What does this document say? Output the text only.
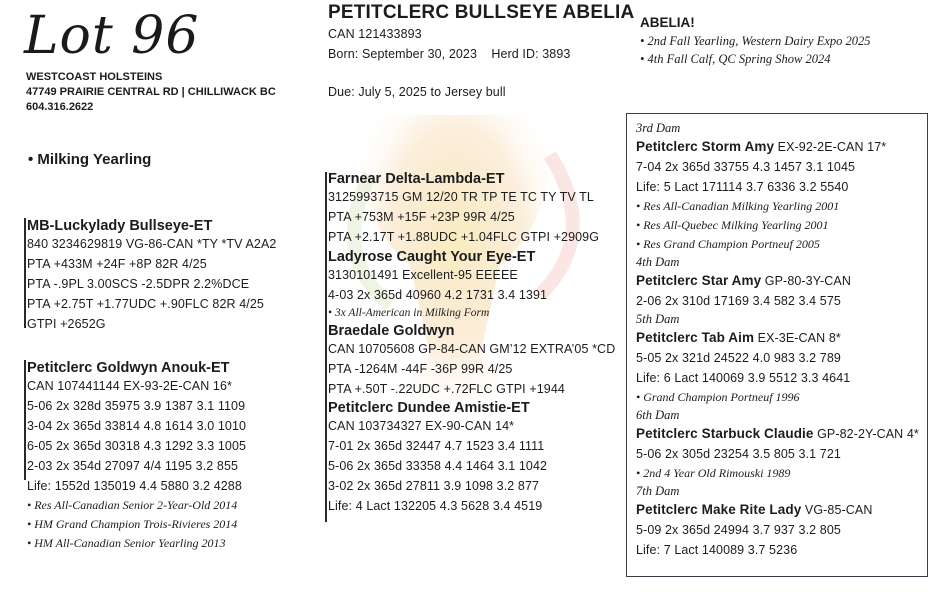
Lot 96
WESTCOAST HOLSTEINS
47749 PRAIRIE CENTRAL RD | CHILLIWACK BC
604.316.2622
• Milking Yearling
PETITCLERC BULLSEYE ABELIA
CAN 121433893
Born: September 30, 2023 Herd ID: 3893
Due: July 5, 2025 to Jersey bull
ABELIA!
• 2nd Fall Yearling, Western Dairy Expo 2025
• 4th Fall Calf, QC Spring Show 2024
MB-Luckylady Bullseye-ET
840 3234629819 VG-86-CAN *TY *TV A2A2
PTA +433M +24F +8P 82R 4/25
PTA -.9PL 3.00SCS -2.5DPR 2.2%DCE
PTA +2.75T +1.77UDC +.90FLC 82R 4/25
GTPI +2652G
Petitclerc Goldwyn Anouk-ET
CAN 107441144 EX-93-2E-CAN 16*
5-06 2x 328d 35975 3.9 1387 3.1 1109
3-04 2x 365d 33814 4.8 1614 3.0 1010
6-05 2x 365d 30318 4.3 1292 3.3 1005
2-03 2x 354d 27097 4/4 1195 3.2 855
Life: 1552d 135019 4.4 5880 3.2 4288
• Res All-Canadian Senior 2-Year-Old 2014
• HM Grand Champion Trois-Rivieres 2014
• HM All-Canadian Senior Yearling 2013
Farnear Delta-Lambda-ET
3125993715 GM 12/20 TR TP TE TC TY TV TL
PTA +753M +15F +23P 99R 4/25
PTA +2.17T +1.88UDC +1.04FLC GTPI +2909G
Ladyrose Caught Your Eye-ET
3130101491 Excellent-95 EEEEE
4-03 2x 365d 40960 4.2 1731 3.4 1391
• 3x All-American in Milking Form
Braedale Goldwyn
CAN 10705608 GP-84-CAN GM’12 EXTRA’05 *CD
PTA -1264M -44F -36P 99R 4/25
PTA +.50T -.22UDC +.72FLC GTPI +1944
Petitclerc Dundee Amistie-ET
CAN 103734327 EX-90-CAN 14*
7-01 2x 365d 32447 4.7 1523 3.4 1111
5-06 2x 365d 33358 4.4 1464 3.1 1042
3-02 2x 365d 27811 3.9 1098 3.2 877
Life: 4 Lact 132205 4.3 5628 3.4 4519
3rd Dam
Petitclerc Storm Amy EX-92-2E-CAN 17*
7-04 2x 365d 33755 4.3 1457 3.1 1045
Life: 5 Lact 171114 3.7 6336 3.2 5540
• Res All-Canadian Milking Yearling 2001
• Res All-Quebec Milking Yearling 2001
• Res Grand Champion Portneuf 2005
4th Dam
Petitclerc Star Amy GP-80-3Y-CAN
2-06 2x 310d 17169 3.4 582 3.4 575
5th Dam
Petitclerc Tab Aim EX-3E-CAN 8*
5-05 2x 321d 24522 4.0 983 3.2 789
Life: 6 Lact 140069 3.9 5512 3.3 4641
• Grand Champion Portneuf 1996
6th Dam
Petitclerc Starbuck Claudie GP-82-2Y-CAN 4*
5-06 2x 305d 23254 3.5 805 3.1 721
• 2nd 4 Year Old Rimouski 1989
7th Dam
Petitclerc Make Rite Lady VG-85-CAN
5-09 2x 365d 24994 3.7 937 3.2 805
Life: 7 Lact 140089 3.7 5236
